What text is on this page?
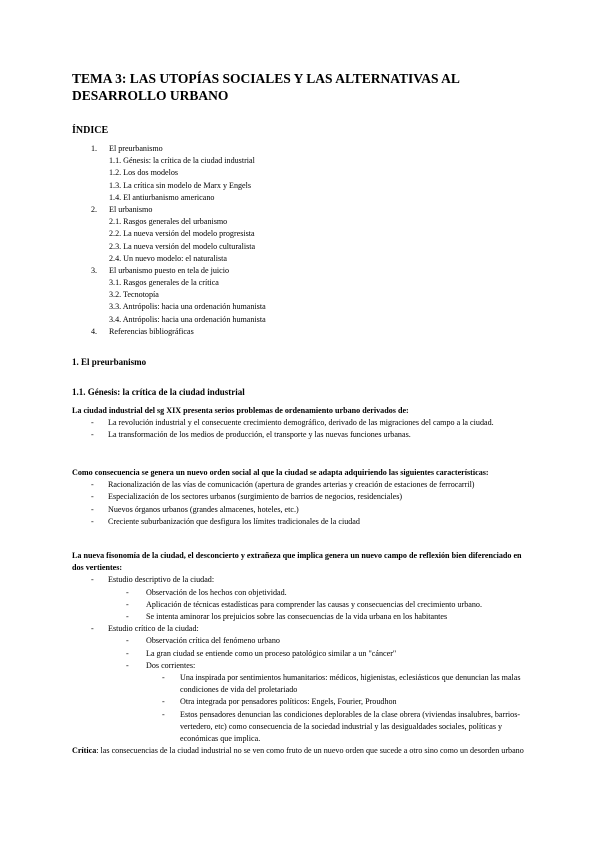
TEMA 3: LAS UTOPÍAS SOCIALES Y LAS ALTERNATIVAS AL DESARROLLO URBANO
ÍNDICE
1. El preurbanismo
1.1. Génesis: la crítica de la ciudad industrial
1.2. Los dos modelos
1.3. La crítica sin modelo de Marx y Engels
1.4. El antiurbanismo americano
2. El urbanismo
2.1. Rasgos generales del urbanismo
2.2. La nueva versión del modelo progresista
2.3. La nueva versión del modelo culturalista
2.4. Un nuevo modelo: el naturalista
3. El urbanismo puesto en tela de juicio
3.1. Rasgos generales de la crítica
3.2. Tecnotopía
3.3. Antrópolis: hacia una ordenación humanista
3.4. Antrópolis: hacia una ordenación humanista
4. Referencias bibliográficas
1. El preurbanismo
1.1. Génesis: la crítica de la ciudad industrial
La ciudad industrial del sg XIX presenta serios problemas de ordenamiento urbano derivados de:
- La revolución industrial y el consecuente crecimiento demográfico, derivado de las migraciones del campo a la ciudad.
- La transformación de los medios de producción, el transporte y las nuevas funciones urbanas.
Como consecuencia se genera un nuevo orden social al que la ciudad se adapta adquiriendo las siguientes características:
- Racionalización de las vías de comunicación (apertura de grandes arterias y creación de estaciones de ferrocarril)
- Especialización de los sectores urbanos (surgimiento de barrios de negocios, residenciales)
- Nuevos órganos urbanos (grandes almacenes, hoteles, etc.)
- Creciente suburbanización que desfigura los límites tradicionales de la ciudad
La nueva fisonomía de la ciudad, el desconcierto y extrañeza que implica genera un nuevo campo de reflexión bien diferenciado en dos vertientes:
- Estudio descriptivo de la ciudad:
- Observación de los hechos con objetividad.
- Aplicación de técnicas estadísticas para comprender las causas y consecuencias del crecimiento urbano.
- Se intenta aminorar los prejuicios sobre las consecuencias de la vida urbana en los habitantes
- Estudio crítico de la ciudad:
- Observación crítica del fenómeno urbano
- La gran ciudad se entiende como un proceso patológico similar a un "cáncer"
- Dos corrientes:
- Una inspirada por sentimientos humanitarios: médicos, higienistas, eclesiásticos que denuncian las malas condiciones de vida del proletariado
- Otra integrada por pensadores políticos: Engels, Fourier, Proudhon
- Estos pensadores denuncian las condiciones deplorables de la clase obrera (viviendas insalubres, barrios-vertedero, etc) como consecuencia de la sociedad industrial y las desigualdades sociales, políticas y económicas que implica.
Crítica: las consecuencias de la ciudad industrial no se ven como fruto de un nuevo orden que sucede a otro sino como un desorden urbano
